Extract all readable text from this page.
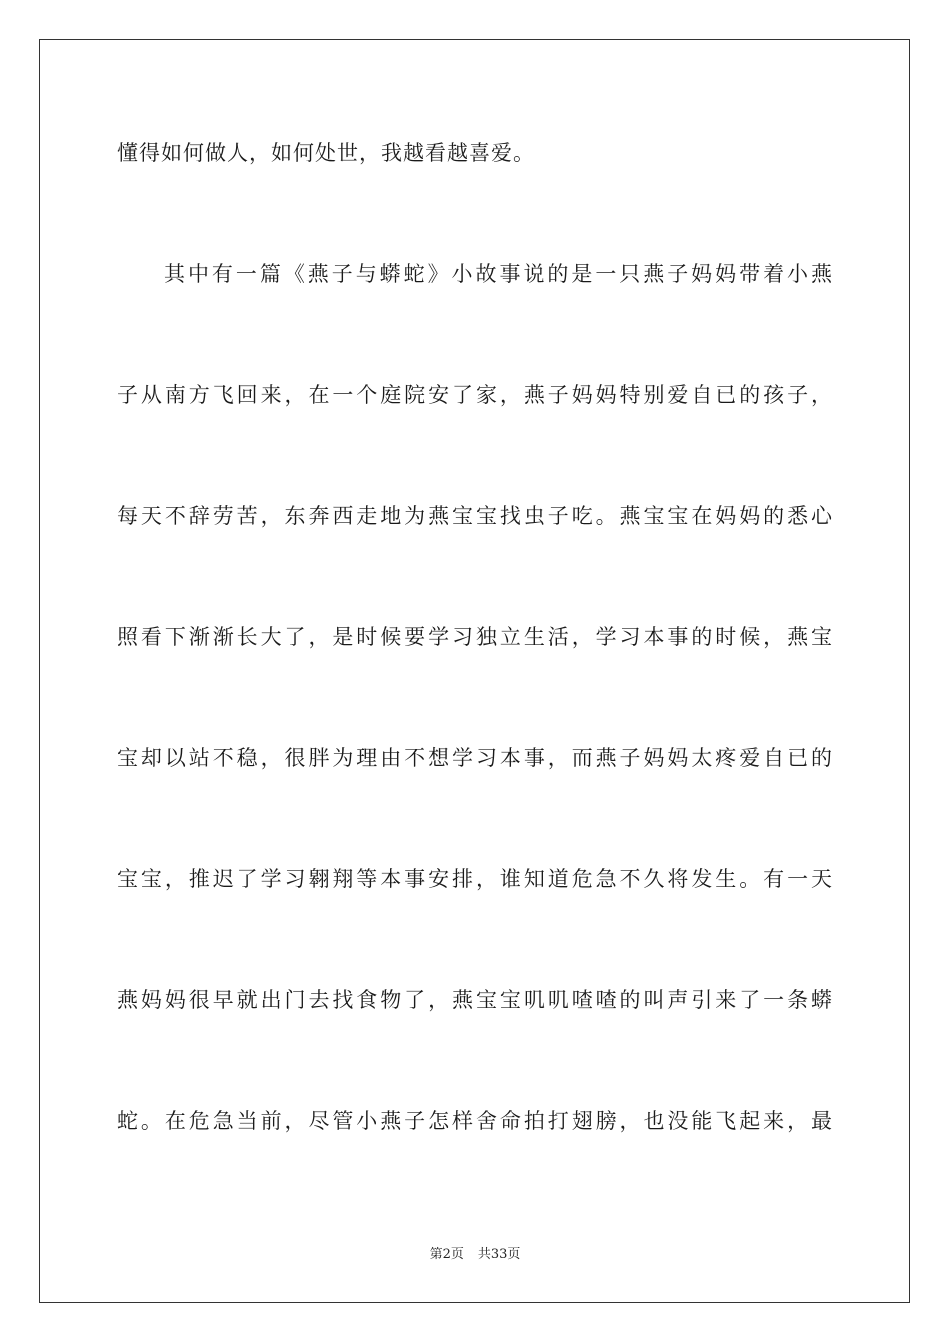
懂得如何做人，如何处世，我越看越喜爱。
其中有一篇《燕子与蟒蛇》小故事说的是一只燕子妈妈带着小燕
子从南方飞回来，在一个庭院安了家，燕子妈妈特别爱自已的孩子，
每天不辞劳苦，东奔西走地为燕宝宝找虫子吃。燕宝宝在妈妈的悉心
照看下渐渐长大了，是时候要学习独立生活，学习本事的时候，燕宝
宝却以站不稳，很胖为理由不想学习本事，而燕子妈妈太疼爱自已的
宝宝，推迟了学习翱翔等本事安排，谁知道危急不久将发生。有一天
燕妈妈很早就出门去找食物了，燕宝宝叽叽喳喳的叫声引来了一条蟒
蛇。在危急当前，尽管小燕子怎样舍命拍打翅膀，也没能飞起来，最
第2页 共33页
